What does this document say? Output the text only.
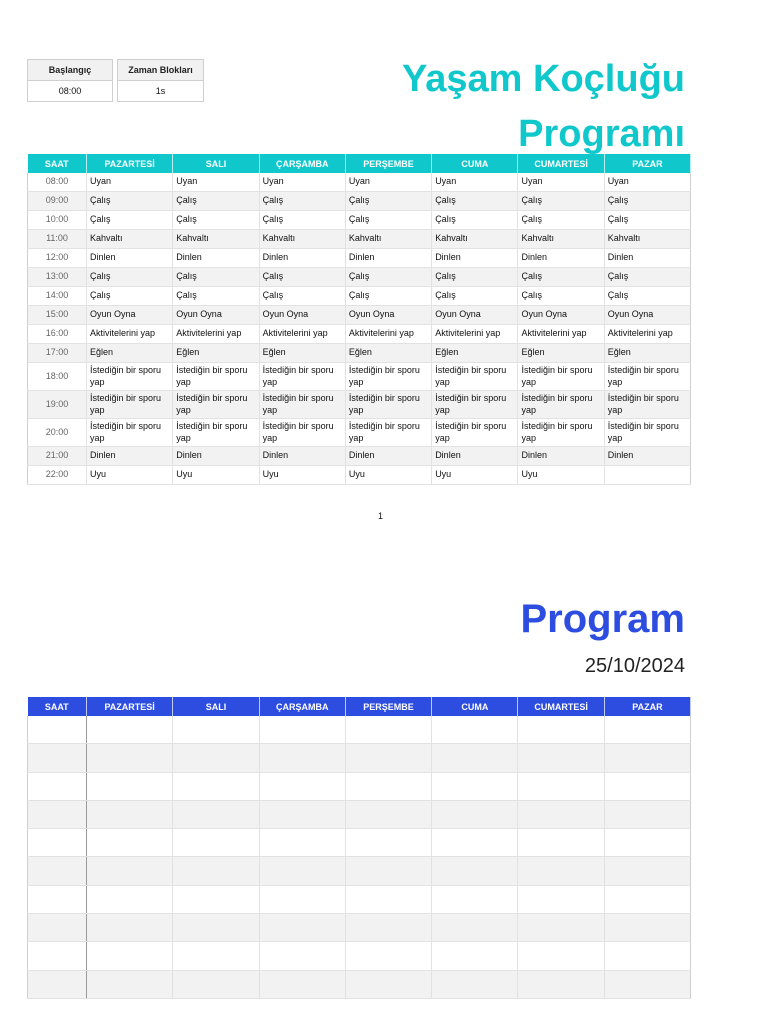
Başlangıç
08:00
Zaman Blokları
1s	Yaşam Koçluğu
Programı
SAAT	PAZARTESİ	SALI	ÇARŞAMBA	PERŞEMBE	CUMA	CUMARTESİ	PAZAR
08:00	Uyan	Uyan	Uyan	Uyan	Uyan	Uyan	Uyan
09:00	Çalış	Çalış	Çalış	Çalış	Çalış	Çalış	Çalış
10:00	Çalış	Çalış	Çalış	Çalış	Çalış	Çalış	Çalış
11:00	Kahvaltı	Kahvaltı	Kahvaltı	Kahvaltı	Kahvaltı	Kahvaltı	Kahvaltı
12:00	Dinlen	Dinlen	Dinlen	Dinlen	Dinlen	Dinlen	Dinlen
13:00	Çalış	Çalış	Çalış	Çalış	Çalış	Çalış	Çalış
14:00	Çalış	Çalış	Çalış	Çalış	Çalış	Çalış	Çalış
15:00	Oyun Oyna	Oyun Oyna	Oyun Oyna	Oyun Oyna	Oyun Oyna	Oyun Oyna	Oyun Oyna
16:00	Aktivitelerini yap	Aktivitelerini yap	Aktivitelerini yap	Aktivitelerini yap	Aktivitelerini yap	Aktivitelerini yap	Aktivitelerini yap
17:00	Eğlen	Eğlen	Eğlen	Eğlen	Eğlen	Eğlen	Eğlen
18:00	İstediğin bir sporu yap	İstediğin bir sporu yap	İstediğin bir sporu yap	İstediğin bir sporu yap	İstediğin bir sporu yap	İstediğin bir sporu yap	İstediğin bir sporu yap
19:00	İstediğin bir sporu yap	İstediğin bir sporu yap	İstediğin bir sporu yap	İstediğin bir sporu yap	İstediğin bir sporu yap	İstediğin bir sporu yap	İstediğin bir sporu yap
20:00	İstediğin bir sporu yap	İstediğin bir sporu yap	İstediğin bir sporu yap	İstediğin bir sporu yap	İstediğin bir sporu yap	İstediğin bir sporu yap	İstediğin bir sporu yap
21:00	Dinlen	Dinlen	Dinlen	Dinlen	Dinlen	Dinlen	Dinlen
22:00	Uyu	Uyu	Uyu	Uyu	Uyu	Uyu	
1
Program
25/10/2024
SAAT	PAZARTESİ	SALI	ÇARŞAMBA	PERŞEMBE	CUMA	CUMARTESİ	PAZAR
